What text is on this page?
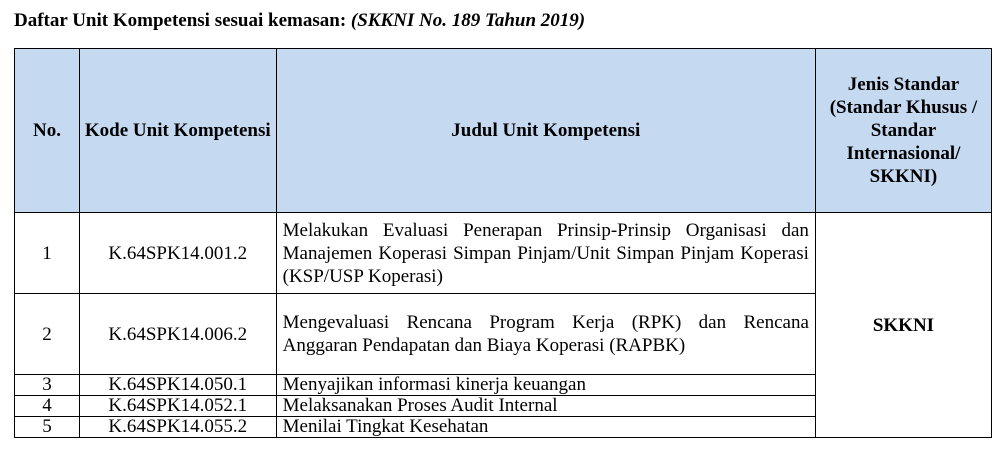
Daftar Unit Kompetensi sesuai kemasan: (SKKNI No. 189 Tahun 2019)
No.	Kode Unit Kompetensi	Judul Unit Kompetensi	Jenis Standar (Standar Khusus / Standar Internasional/ SKKNI)
1	K.64SPK14.001.2	Melakukan Evaluasi Penerapan Prinsip-Prinsip Organisasi dan Manajemen Koperasi Simpan Pinjam/Unit Simpan Pinjam Koperasi (KSP/USP Koperasi)	SKKNI
2	K.64SPK14.006.2	Mengevaluasi Rencana Program Kerja (RPK) dan Rencana Anggaran Pendapatan dan Biaya Koperasi (RAPBK)	
3	K.64SPK14.050.1	Menyajikan informasi kinerja keuangan	
4	K.64SPK14.052.1	Melaksanakan Proses Audit Internal	
5	K.64SPK14.055.2	Menilai Tingkat Kesehatan	
